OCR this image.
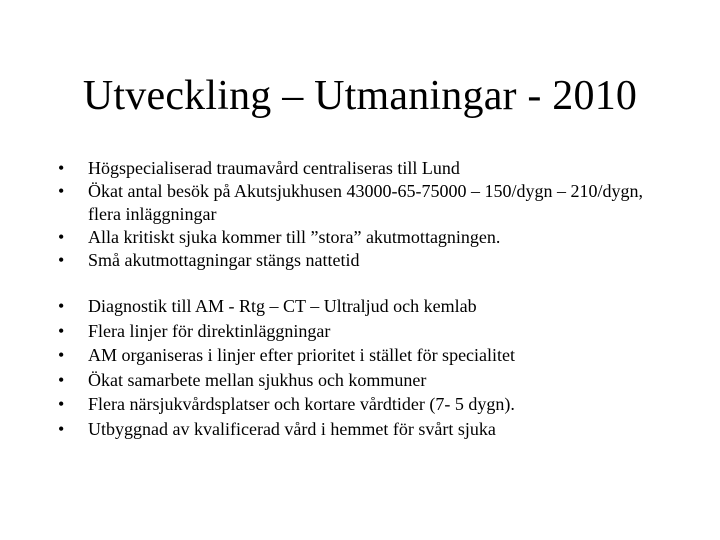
Utveckling – Utmaningar - 2010
•	Högspecialiserad traumavård centraliseras till Lund
•	Ökat antal besök på Akutsjukhusen 43000-65-75000 – 150/dygn – 210/dygn, flera inläggningar
•	Alla kritiskt sjuka kommer till ”stora” akutmottagningen.
•	Små akutmottagningar stängs nattetid
•	Diagnostik till AM - Rtg – CT – Ultraljud och kemlab
•	Flera linjer för direktinläggningar
•	AM organiseras i linjer efter prioritet i stället för specialitet
•	Ökat samarbete mellan sjukhus och kommuner
•	Flera närsjukvårdsplatser och kortare vårdtider (7- 5 dygn).
•	Utbyggnad av kvalificerad vård i hemmet för svårt sjuka
